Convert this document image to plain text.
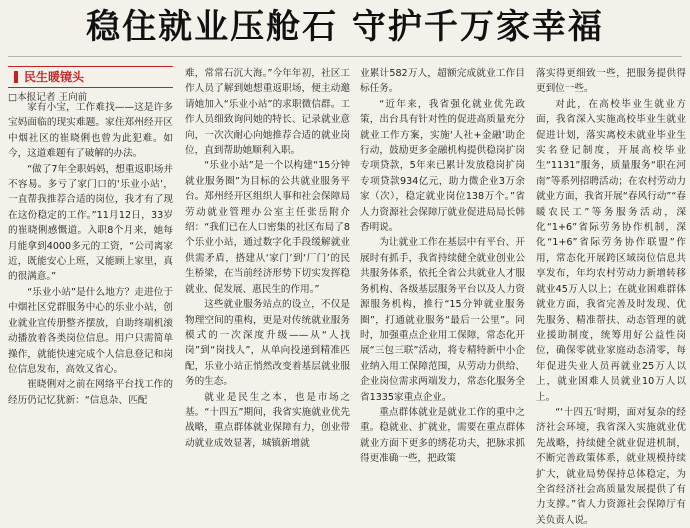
稳住就业压舱石 守护千万家幸福
民生暖镜头
□本报记者 王向前

家有小宝，工作难找——这是许多宝妈面临的现实难题。家住郑州经开区中烟社区的崔晓俐也曾为此犯难。如今，这道难题有了破解的办法。

“做了7年全职妈妈，想重返职场并不容易。多亏了家门口的‘乐业小站’，一直帮我推荐合适的岗位，我才有了现在这份稳定的工作。”11月12日，33岁的崔晓俐感慨道。入职8个月来，她每月能拿到4000多元的工资，“公司离家近，既能安心上班，又能顾上家里，真的很满意。”

“乐业小站”是什么地方？走进位于中烟社区党群服务中心的乐业小站，创业就业宣传册整齐摆放，自助终端机滚动播放着各类岗位信息。用户只需简单操作，就能快速完成个人信息登记和岗位信息发布，高效又省心。

崔晓俐对之前在网络平台找工作的经历仍记忆犹新：“信息杂、匹配

难，常常石沉大海。”今年年初，社区工作人员了解到她想重返职场，便主动邀请她加入“乐业小站”的求职微信群。工作人员细致询问她的特长、记录就业意向，一次次耐心向她推荐合适的就业岗位，直到帮助她顺利入职。

“乐业小站”是一个以构建“15分钟就业服务圈”为目标的公共就业服务平台。郑州经开区组织人事和社会保障局劳动就业管理办公室主任张岳附介绍：“我们已在人口密集的社区布局了8个乐业小站，通过数字化手段缓解就业供需矛盾，搭建从‘家门’到‘厂门’的民生桥梁，在当前经济形势下切实发挥稳就业、促发展、惠民生的作用。”

这些就业服务站点的设立，不仅是物理空间的重构，更是对传统就业服务模式的一次深度升级——从“人找岗”到“岗找人”，从单向投递到精准匹配，乐业小站正悄然改变着基层就业服务的生态。

就业是民生之本，也是市场之基。“十四五”期间，我省实施就业优先战略，重点群体就业保障有力，创业带动就业成效显著，城镇新增就

业累计582万人，超额完成就业工作目标任务。

“近年来，我省强化就业优先政策，出台具有针对性的促进高质量充分就业工作方案，实施‘人社+金融’助企行动，鼓励更多金融机构提供稳岗扩岗专项贷款，5年来已累计发放稳岗扩岗专项贷款934亿元，助力微企业3万余家（次），稳定就业岗位138万个。”省人力资源社会保障厅就业促进局局长韩香明说。

为让就业工作在基层中有平台、开展时有抓手，我省持续健全就业创业公共服务体系，依托全省公共就业人才服务机构、各级基层服务平台以及人力资源服务机构，推行“15分钟就业服务圈”，打通就业服务“最后一公里”。同时，加强重点企业用工保障，常态化开展“三包三联”活动，将专精特新中小企业纳入用工保障范围，从劳动力供给、企业岗位需求两端发力，常态化服务全省1335家重点企业。

重点群体就业是就业工作的重中之重。稳就业、扩就业，需要在重点群体就业方面下更多的绣花功夫，把脉求抓得更准确一些，把政策

落实得更细致一些，把服务提供得更到位一些。

对此，在高校毕业生就业方面，我省深入实施高校毕业生就业促进计划，落实离校未就业毕业生实名登记制度，开展高校毕业生“1131”服务，质量服务“职在河南”等系列招聘活动；在农村劳动力就业方面，我省开展“春风行动”“春暖农民工”等务服务活动，深化“1+6”省际劳务协作机制，深化“1+6”省际劳务协作联盟”作用，常态化开展跨区域岗位信息共享发布，年均农村劳动力新增转移就业45万人以上；在就业困难群体就业方面，我省完善及时发现、优先服务、精准帮扶、动态管理的就业援助制度，统筹用好公益性岗位，确保零就业家庭动态清零，每年促进失业人员再就业25万人以上，就业困难人员就业10万人以上。

“‘十四五’时期，面对复杂的经济社会环境，我省深入实施就业优先战略，持续健全就业促进机制，不断完善政策体系，就业规模持续扩大，就业局势保持总体稳定，为全省经济社会高质量发展提供了有力支撑。”省人力资源社会保障厅有关负责人说。
